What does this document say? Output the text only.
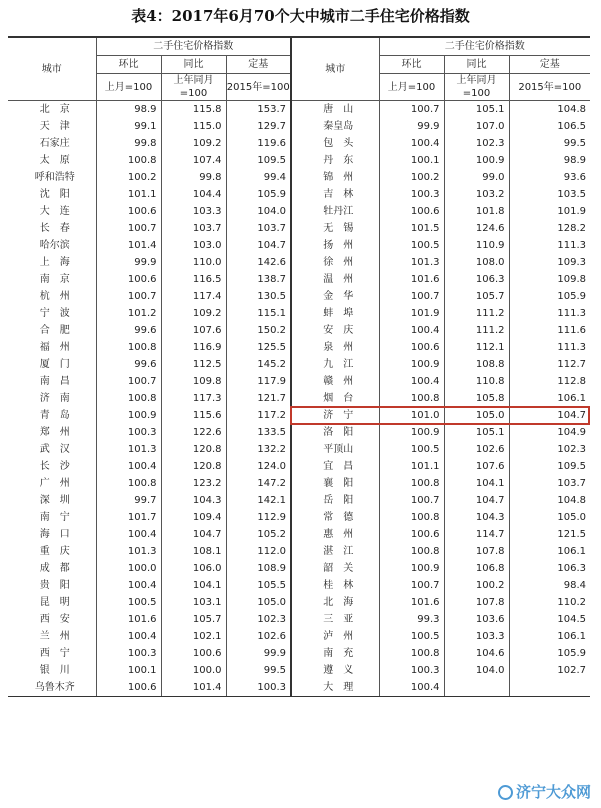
表4：2017年6月70个大中城市二手住宅价格指数
城市	二手住宅价格指数			城市	二手住宅价格指数		
	环比	同比	定基		环比	同比	定基
	上月=100	上年同月=100	2015年=100		上月=100	上年同月=100	2015年=100
北　京	98.9	115.8	153.7	唐　山	100.7	105.1	104.8
天　津	99.1	115.0	129.7	秦皇岛	99.9	107.0	106.5
石家庄	99.8	109.2	119.6	包　头	100.4	102.3	99.5
太　原	100.8	107.4	109.5	丹　东	100.1	100.9	98.9
呼和浩特	100.2	99.8	99.4	锦　州	100.2	99.0	93.6
沈　阳	101.1	104.4	105.9	吉　林	100.3	103.2	103.5
大　连	100.6	103.3	104.0	牡丹江	100.6	101.8	101.9
长　春	100.7	103.7	103.7	无　锡	101.5	124.6	128.2
哈尔滨	101.4	103.0	104.7	扬　州	100.5	110.9	111.3
上　海	99.9	110.0	142.6	徐　州	101.3	108.0	109.3
南　京	100.6	116.5	138.7	温　州	101.6	106.3	109.8
杭　州	100.7	117.4	130.5	金　华	100.7	105.7	105.9
宁　波	101.2	109.2	115.1	蚌　埠	101.9	111.2	111.3
合　肥	99.6	107.6	150.2	安　庆	100.4	111.2	111.6
福　州	100.8	116.9	125.5	泉　州	100.6	112.1	111.3
厦　门	99.6	112.5	145.2	九　江	100.9	108.8	112.7
南　昌	100.7	109.8	117.9	赣　州	100.4	110.8	112.8
济　南	100.8	117.3	121.7	烟　台	100.8	105.8	106.1
青　岛	100.9	115.6	117.2	济　宁	101.0	105.0	104.7
郑　州	100.3	122.6	133.5	洛　阳	100.9	105.1	104.9
武　汉	101.3	120.8	132.2	平顶山	100.5	102.6	102.3
长　沙	100.4	120.8	124.0	宜　昌	101.1	107.6	109.5
广　州	100.8	123.2	147.2	襄　阳	100.8	104.1	103.7
深　圳	99.7	104.3	142.1	岳　阳	100.7	104.7	104.8
南　宁	101.7	109.4	112.9	常　德	100.8	104.3	105.0
海　口	100.4	104.7	105.2	惠　州	100.6	114.7	121.5
重　庆	101.3	108.1	112.0	湛　江	100.8	107.8	106.1
成　都	100.0	106.0	108.9	韶　关	100.9	106.8	106.3
贵　阳	100.4	104.1	105.5	桂　林	100.7	100.2	98.4
昆　明	100.5	103.1	105.0	北　海	101.6	107.8	110.2
西　安	101.6	105.7	102.3	三　亚	99.3	103.6	104.5
兰　州	100.4	102.1	102.6	泸　州	100.5	103.3	106.1
西　宁	100.3	100.6	99.9	南　充	100.8	104.6	105.9
银　川	100.1	100.0	99.5	遵　义	100.3	104.0	102.7
乌鲁木齐	100.6	101.4	100.3	大　理	100.4		
济宁大众网
